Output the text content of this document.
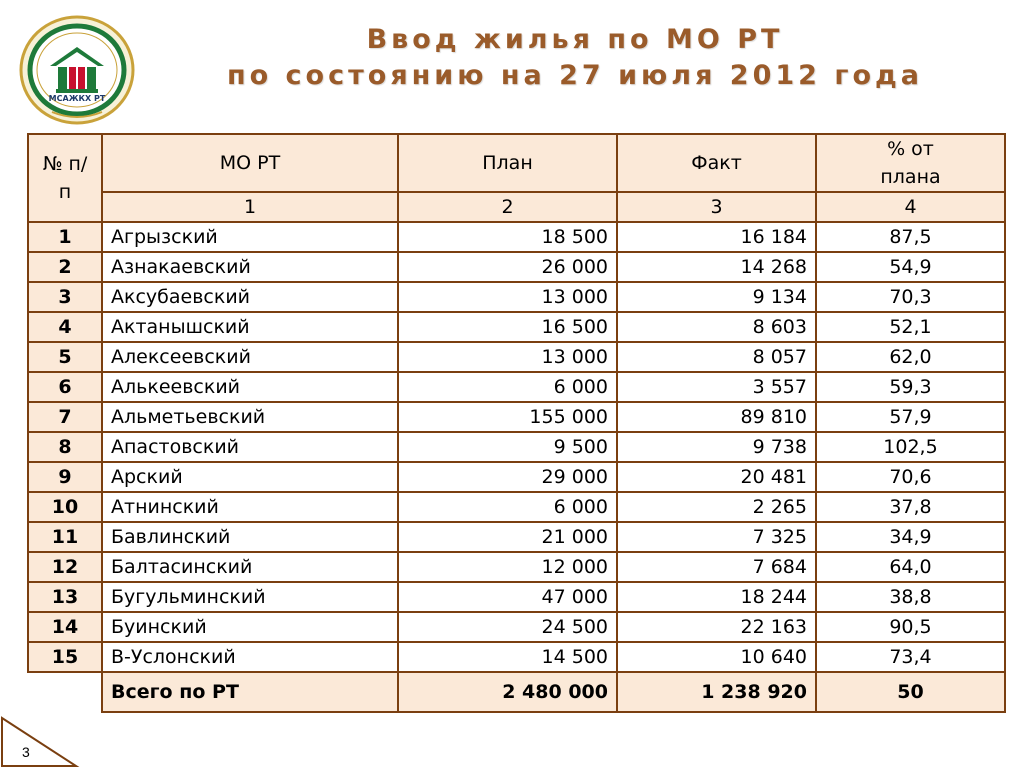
МСАЖКХ РТ
Ввод жилья по МО РТ
по состоянию на 27 июля 2012 года
№ п/п	МО РТ	План	Факт	% от плана
	1	2	3	4
1	Агрызский	18 500	16 184	87,5
2	Азнакаевский	26 000	14 268	54,9
3	Аксубаевский	13 000	9 134	70,3
4	Актанышский	16 500	8 603	52,1
5	Алексеевский	13 000	8 057	62,0
6	Алькеевский	6 000	3 557	59,3
7	Альметьевский	155 000	89 810	57,9
8	Апастовский	9 500	9 738	102,5
9	Арский	29 000	20 481	70,6
10	Атнинский	6 000	2 265	37,8
11	Бавлинский	21 000	7 325	34,9
12	Балтасинский	12 000	7 684	64,0
13	Бугульминский	47 000	18 244	38,8
14	Буинский	24 500	22 163	90,5
15	В-Услонский	14 500	10 640	73,4
	Всего по РТ	2 480 000	1 238 920	50
3
